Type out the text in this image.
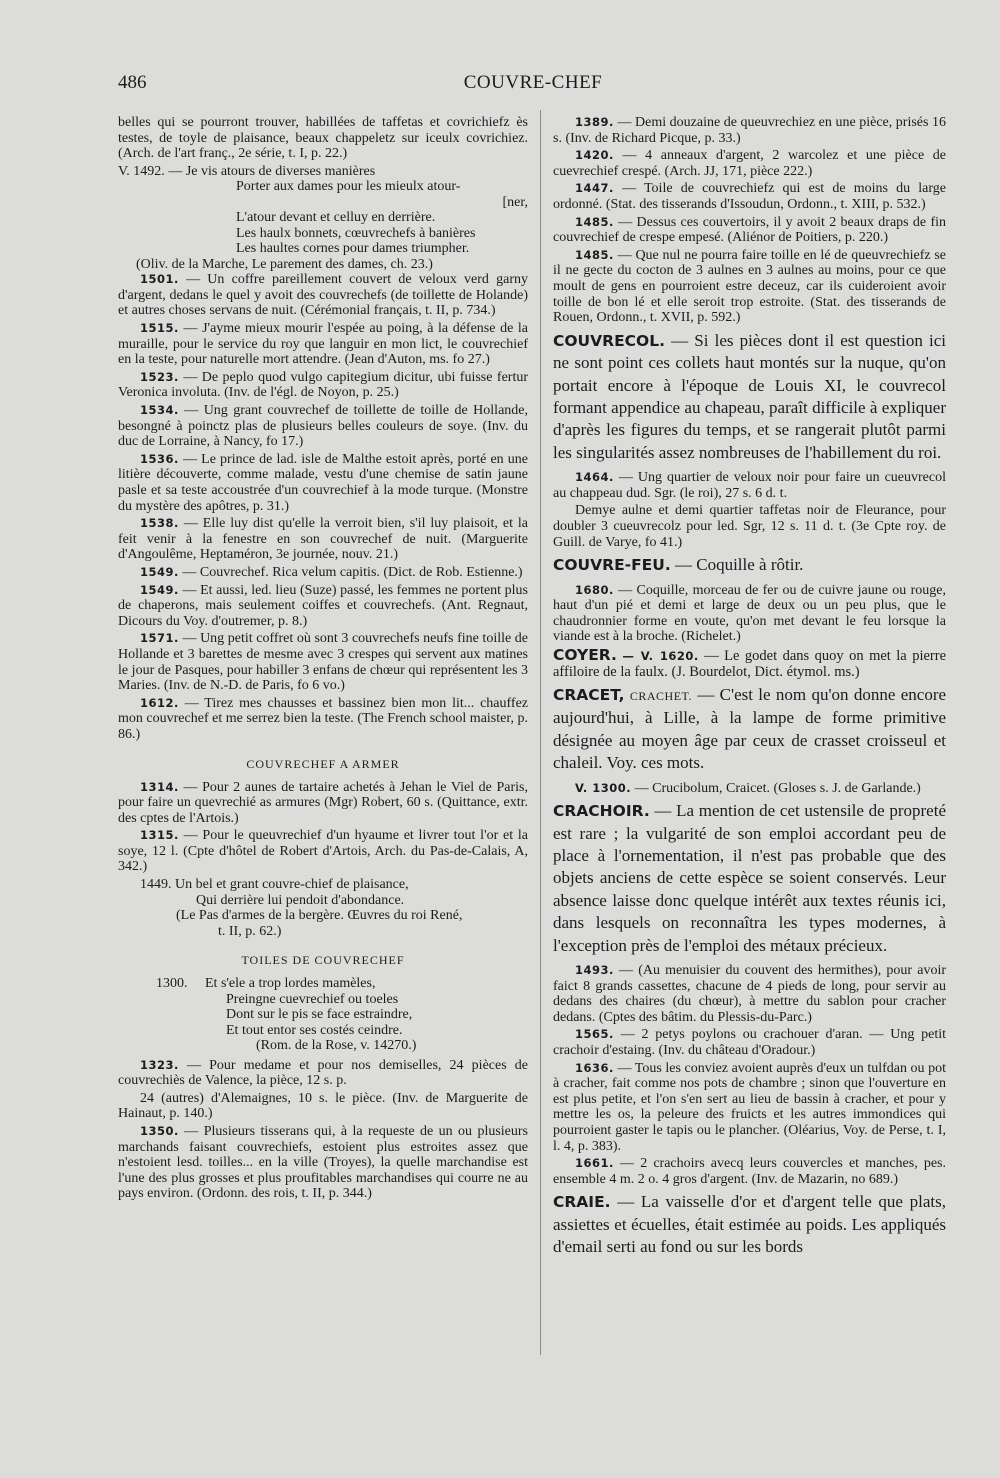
486	COUVRE-CHEF

belles qui se pourront trouver, habillées de taffetas et covrichiefz ès testes, de toyle de plaisance, beaux chappeletz sur iceulx covrichiez. (Arch. de l'art franç., 2e série, t. I, p. 22.)

V. 1492. — Je vis atours de diverses manières
Porter aux dames pour les mieulx atour-
[ner,
L'atour devant et celluy en derrière.
Les haulx bonnets, cœuvrechefs à banières
Les haultes cornes pour dames triumpher.
(Oliv. de la Marche, Le parement des dames, ch. 23.)

1501. — Un coffre pareillement couvert de veloux verd garny d'argent, dedans le quel y avoit des couvrechefs (de toillette de Holande) et autres choses servans de nuit. (Cérémonial français, t. II, p. 734.)

1515. — J'ayme mieux mourir l'espée au poing, à la défense de la muraille, pour le service du roy que languir en mon lict, le couvrechief en la teste, pour naturelle mort attendre. (Jean d'Auton, ms. fo 27.)

1523. — De peplo quod vulgo capitegium dicitur, ubi fuisse fertur Veronica involuta. (Inv. de l'égl. de Noyon, p. 25.)

1534. — Ung grant couvrechef de toillette de toille de Hollande, besongné à poinctz plas de plusieurs belles couleurs de soye. (Inv. du duc de Lorraine, à Nancy, fo 17.)

1536. — Le prince de lad. isle de Malthe estoit après, porté en une litière découverte, comme malade, vestu d'une chemise de satin jaune pasle et sa teste accoustrée d'un couvrechief à la mode turque. (Monstre du mystère des apôtres, p. 31.)

1538. — Elle luy dist qu'elle la verroit bien, s'il luy plaisoit, et la feit venir à la fenestre en son couvrechef de nuit. (Marguerite d'Angoulême, Heptaméron, 3e journée, nouv. 21.)

1549. — Couvrechef. Rica velum capitis. (Dict. de Rob. Estienne.)

1549. — Et aussi, led. lieu (Suze) passé, les femmes ne portent plus de chaperons, mais seulement coiffes et couvrechefs. (Ant. Regnaut, Dicours du Voy. d'outremer, p. 8.)

1571. — Ung petit coffret où sont 3 couvrechefs neufs fine toille de Hollande et 3 barettes de mesme avec 3 crespes qui servent aux matines le jour de Pasques, pour habiller 3 enfans de chœur qui représentent les 3 Maries. (Inv. de N.-D. de Paris, fo 6 vo.)

1612. — Tirez mes chausses et bassinez bien mon lit... chauffez mon couvrechef et me serrez bien la teste. (The French school maister, p. 86.)

COUVRECHEF A ARMER

1314. — Pour 2 aunes de tartaire achetés à Jehan le Viel de Paris, pour faire un quevrechié as armures (Mgr) Robert, 60 s. (Quittance, extr. des cptes de l'Artois.)

1315. — Pour le queuvrechief d'un hyaume et livrer tout l'or et la soye, 12 l. (Cpte d'hôtel de Robert d'Artois, Arch. du Pas-de-Calais, A, 342.)

1449. Un bel et grant couvre-chief de plaisance,
Qui derrière lui pendoit d'abondance.
(Le Pas d'armes de la bergère. Œuvres du roi René,
t. II, p. 62.)
TOILES DE COUVRECHEF
1300. Et s'ele a trop lordes mamèles,
Preingne cuevrechief ou toeles
Dont sur le pis se face estraindre,
Et tout entor ses costés ceindre.
(Rom. de la Rose, v. 14270.)

1323. — Pour medame et pour nos demiselles, 24 pièces de couvrechiès de Valence, la pièce, 12 s. p.

24 (autres) d'Alemaignes, 10 s. le pièce. (Inv. de Marguerite de Hainaut, p. 140.)

1350. — Plusieurs tisserans qui, à la requeste de un ou plusieurs marchands faisant couvrechiefs, estoient plus estroites assez que n'estoient lesd. toilles... en la ville (Troyes), la quelle marchandise est l'une des plus grosses et plus proufitables marchandises qui courre ne au pays environ. (Ordonn. des rois, t. II, p. 344.)

1389. — Demi douzaine de queuvrechiez en une pièce, prisés 16 s. (Inv. de Richard Picque, p. 33.)

1420. — 4 anneaux d'argent, 2 warcolez et une pièce de cuevrechief crespé. (Arch. JJ, 171, pièce 222.)

1447. — Toile de couvrechiefz qui est de moins du large ordonné. (Stat. des tisserands d'Issoudun, Ordonn., t. XIII, p. 532.)

1485. — Dessus ces couvertoirs, il y avoit 2 beaux draps de fin couvrechief de crespe empesé. (Aliénor de Poitiers, p. 220.)

1485. — Que nul ne pourra faire toille en lé de queuvrechiefz se il ne gecte du cocton de 3 aulnes en 3 aulnes au moins, pour ce que moult de gens en pourroient estre deceuz, car ils cuideroient avoir toille de bon lé et elle seroit trop estroite. (Stat. des tisserands de Rouen, Ordonn., t. XVII, p. 592.)

COUVRECOL. — Si les pièces dont il est question ici ne sont point ces collets haut montés sur la nuque, qu'on portait encore à l'époque de Louis XI, le couvrecol formant appendice au chapeau, paraît difficile à expliquer d'après les figures du temps, et se rangerait plutôt parmi les singularités assez nombreuses de l'habillement du roi.

1464. — Ung quartier de veloux noir pour faire un cueuvrecol au chappeau dud. Sgr. (le roi), 27 s. 6 d. t.

Demye aulne et demi quartier taffetas noir de Fleurance, pour doubler 3 cueuvrecolz pour led. Sgr, 12 s. 11 d. t. (3e Cpte roy. de Guill. de Varye, fo 41.)

COUVRE-FEU. — Coquille à rôtir.

1680. — Coquille, morceau de fer ou de cuivre jaune ou rouge, haut d'un pié et demi et large de deux ou un peu plus, que le chaudronnier forme en voute, qu'on met devant le feu lorsque la viande est à la broche. (Richelet.)

COYER. — V. 1620. — Le godet dans quoy on met la pierre affiloire de la faulx. (J. Bourdelot, Dict. étymol. ms.)

CRACET, CRACHET. — C'est le nom qu'on donne encore aujourd'hui, à Lille, à la lampe de forme primitive désignée au moyen âge par ceux de crasset croisseul et chaleil. Voy. ces mots.

V. 1300. — Crucibolum, Craicet. (Gloses s. J. de Garlande.)

CRACHOIR. — La mention de cet ustensile de propreté est rare ; la vulgarité de son emploi accordant peu de place à l'ornementation, il n'est pas probable que des objets anciens de cette espèce se soient conservés. Leur absence laisse donc quelque intérêt aux textes réunis ici, dans lesquels on reconnaîtra les types modernes, à l'exception près de l'emploi des métaux précieux.

1493. — (Au menuisier du couvent des hermithes), pour avoir faict 8 grands cassettes, chacune de 4 pieds de long, pour servir au dedans des chaires (du chœur), à mettre du sablon pour cracher dedans. (Cptes des bâtim. du Plessis-du-Parc.)

1565. — 2 petys poylons ou crachouer d'aran. — Ung petit crachoir d'estaing. (Inv. du château d'Oradour.)

1636. — Tous les conviez avoient auprès d'eux un tulfdan ou pot à cracher, fait comme nos pots de chambre ; sinon que l'ouverture en est plus petite, et l'on s'en sert au lieu de bassin à cracher, et pour y mettre les os, la peleure des fruicts et les autres immondices qui pourroient gaster le tapis ou le plancher. (Oléarius, Voy. de Perse, t. I, l. 4, p. 383).

1661. — 2 crachoirs avecq leurs couvercles et manches, pes. ensemble 4 m. 2 o. 4 gros d'argent. (Inv. de Mazarin, no 689.)

CRAIE. — La vaisselle d'or et d'argent telle que plats, assiettes et écuelles, était estimée au poids. Les appliqués d'email serti au fond ou sur les bords
